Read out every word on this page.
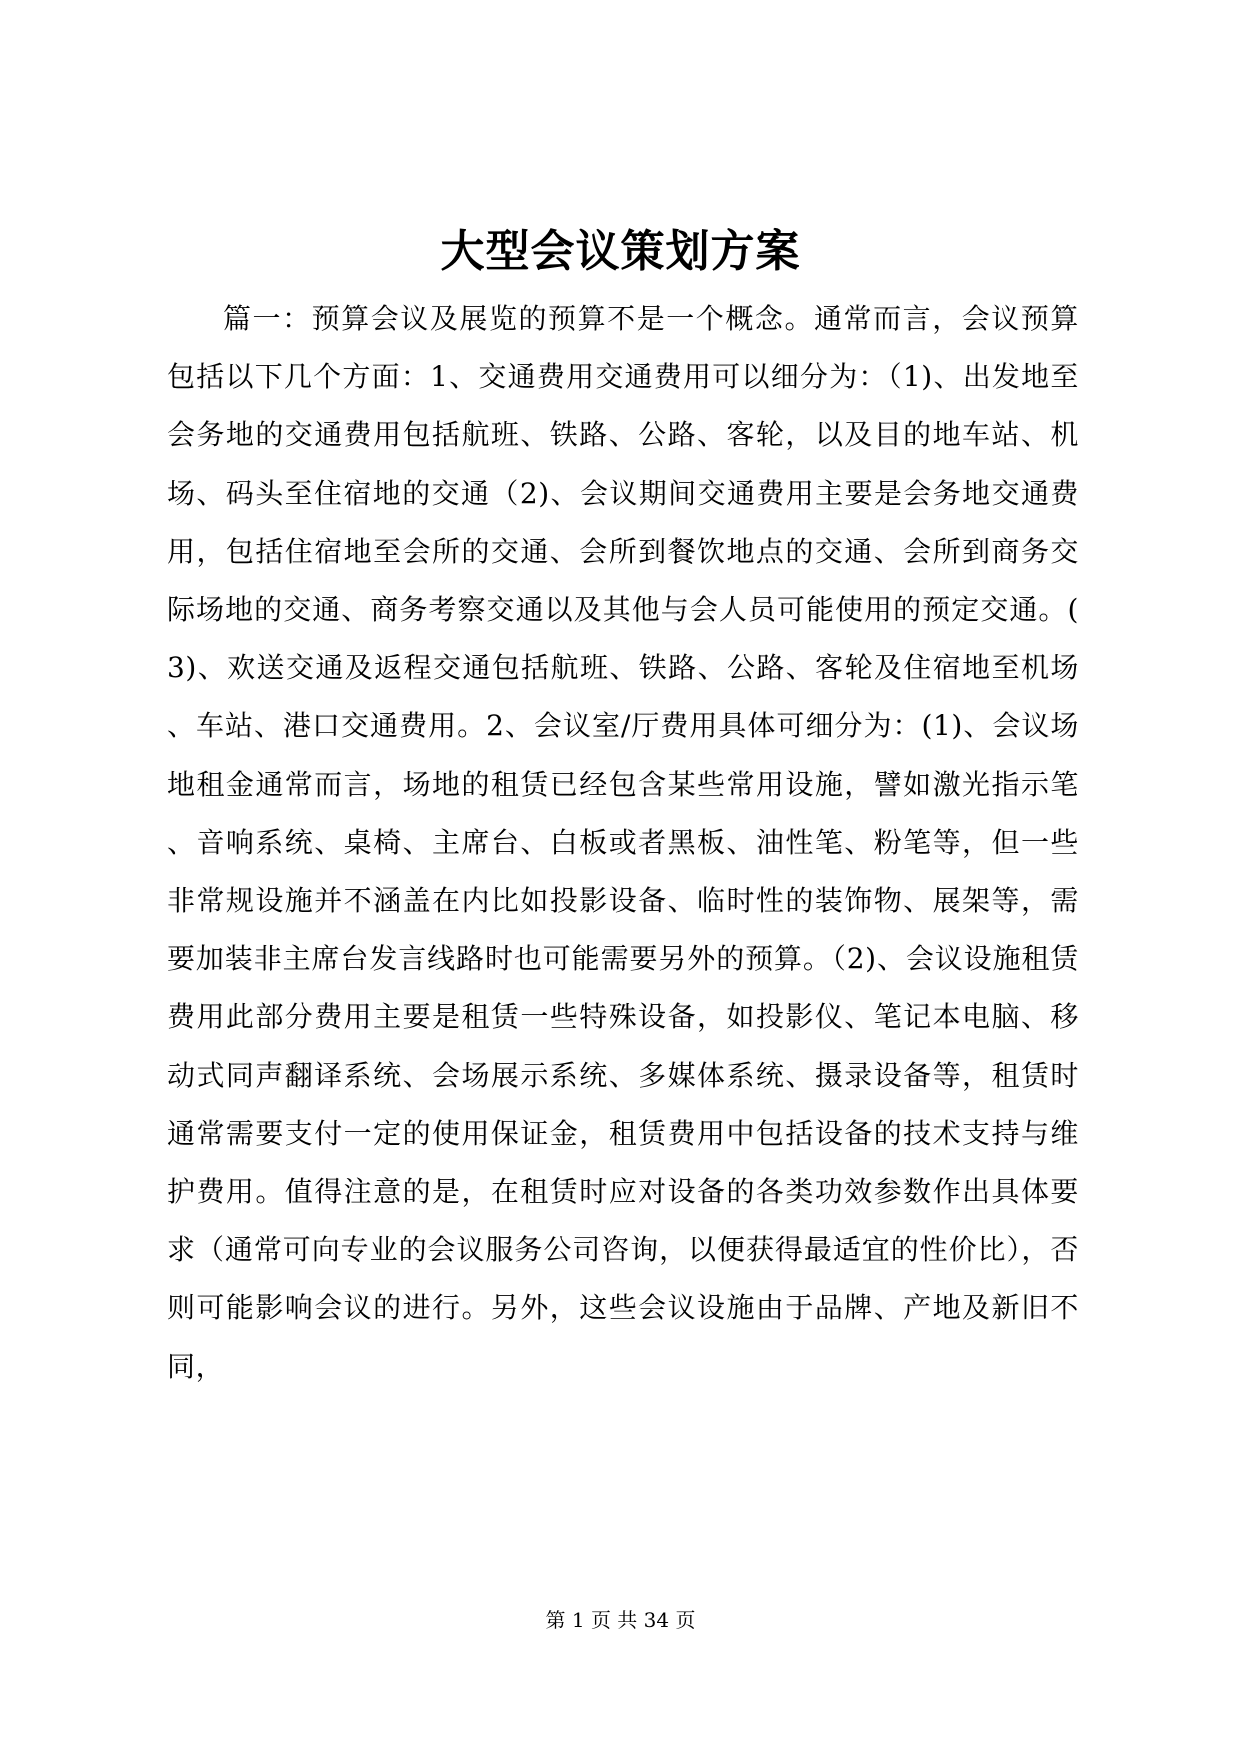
大型会议策划方案

篇一：预算会议及展览的预算不是一个概念。通常而言，会议预算包括以下几个方面：1、交通费用交通费用可以细分为：（1)、出发地至会务地的交通费用包括航班、铁路、公路、客轮，以及目的地车站、机场、码头至住宿地的交通（2)、会议期间交通费用主要是会务地交通费用，包括住宿地至会所的交通、会所到餐饮地点的交通、会所到商务交际场地的交通、商务考察交通以及其他与会人员可能使用的预定交通。(3)、欢送交通及返程交通包括航班、铁路、公路、客轮及住宿地至机场、车站、港口交通费用。2、会议室/厅费用具体可细分为：(1)、会议场地租金通常而言，场地的租赁已经包含某些常用设施，譬如激光指示笔、音响系统、桌椅、主席台、白板或者黑板、油性笔、粉笔等，但一些非常规设施并不涵盖在内比如投影设备、临时性的装饰物、展架等，需要加装非主席台发言线路时也可能需要另外的预算。（2)、会议设施租赁费用此部分费用主要是租赁一些特殊设备，如投影仪、笔记本电脑、移动式同声翻译系统、会场展示系统、多媒体系统、摄录设备等，租赁时通常需要支付一定的使用保证金，租赁费用中包括设备的技术支持与维护费用。值得注意的是，在租赁时应对设备的各类功效参数作出具体要求（通常可向专业的会议服务公司咨询，以便获得最适宜的性价比），否则可能影响会议的进行。另外，这些会议设施由于品牌、产地及新旧不同，

第 1 页 共 34 页
